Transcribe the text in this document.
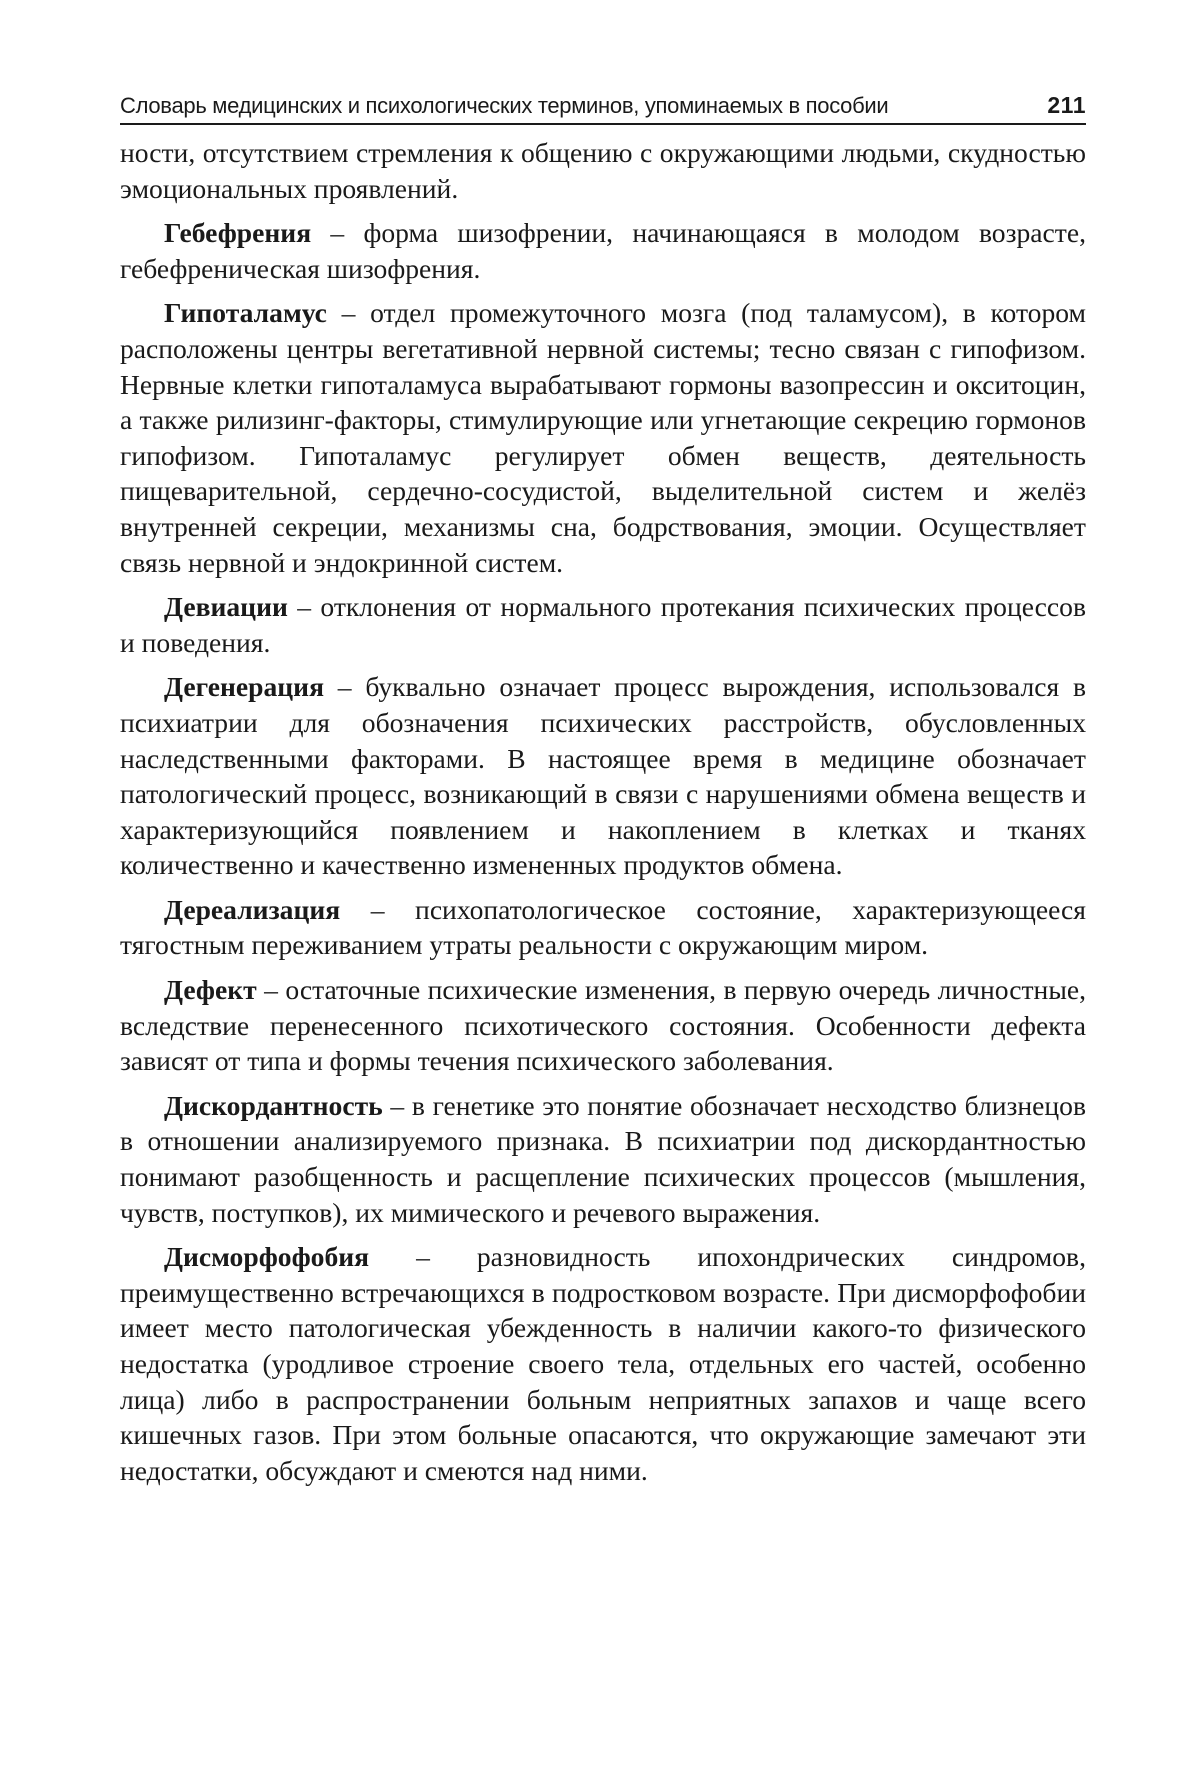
Словарь медицинских и психологических терминов, упоминаемых в пособии	211

ности, отсутствием стремления к общению с окружающими людьми, скудностью эмоциональных проявлений.

Гебефрения – форма шизофрении, начинающаяся в молодом возрасте, гебефреническая шизофрения.

Гипоталамус – отдел промежуточного мозга (под таламусом), в котором расположены центры вегетативной нервной системы; тесно связан с гипофизом. Нервные клетки гипоталамуса вырабатывают гормоны вазопрессин и окситоцин, а также рилизинг-факторы, стимулирующие или угнетающие секрецию гормонов гипофизом. Гипоталамус регулирует обмен веществ, деятельность пищеварительной, сердечно-сосудистой, выделительной систем и желёз внутренней секреции, механизмы сна, бодрствования, эмоции. Осуществляет связь нервной и эндокринной систем.

Девиации – отклонения от нормального протекания психических процессов и поведения.

Дегенерация – буквально означает процесс вырождения, использовался в психиатрии для обозначения психических расстройств, обусловленных наследственными факторами. В настоящее время в медицине обозначает патологический процесс, возникающий в связи с нарушениями обмена веществ и характеризующийся появлением и накоплением в клетках и тканях количественно и качественно измененных продуктов обмена.

Дереализация – психопатологическое состояние, характеризующееся тягостным переживанием утраты реальности с окружающим миром.

Дефект – остаточные психические изменения, в первую очередь личностные, вследствие перенесенного психотического состояния. Особенности дефекта зависят от типа и формы течения психического заболевания.

Дискордантность – в генетике это понятие обозначает несходство близнецов в отношении анализируемого признака. В психиатрии под дискордантностью понимают разобщенность и расщепление психических процессов (мышления, чувств, поступков), их мимического и речевого выражения.

Дисморфофобия – разновидность ипохондрических синдромов, преимущественно встречающихся в подростковом возрасте. При дисморфофобии имеет место патологическая убежденность в наличии какого-то физического недостатка (уродливое строение своего тела, отдельных его частей, особенно лица) либо в распространении больным неприятных запахов и чаще всего кишечных газов. При этом больные опасаются, что окружающие замечают эти недостатки, обсуждают и смеются над ними.
